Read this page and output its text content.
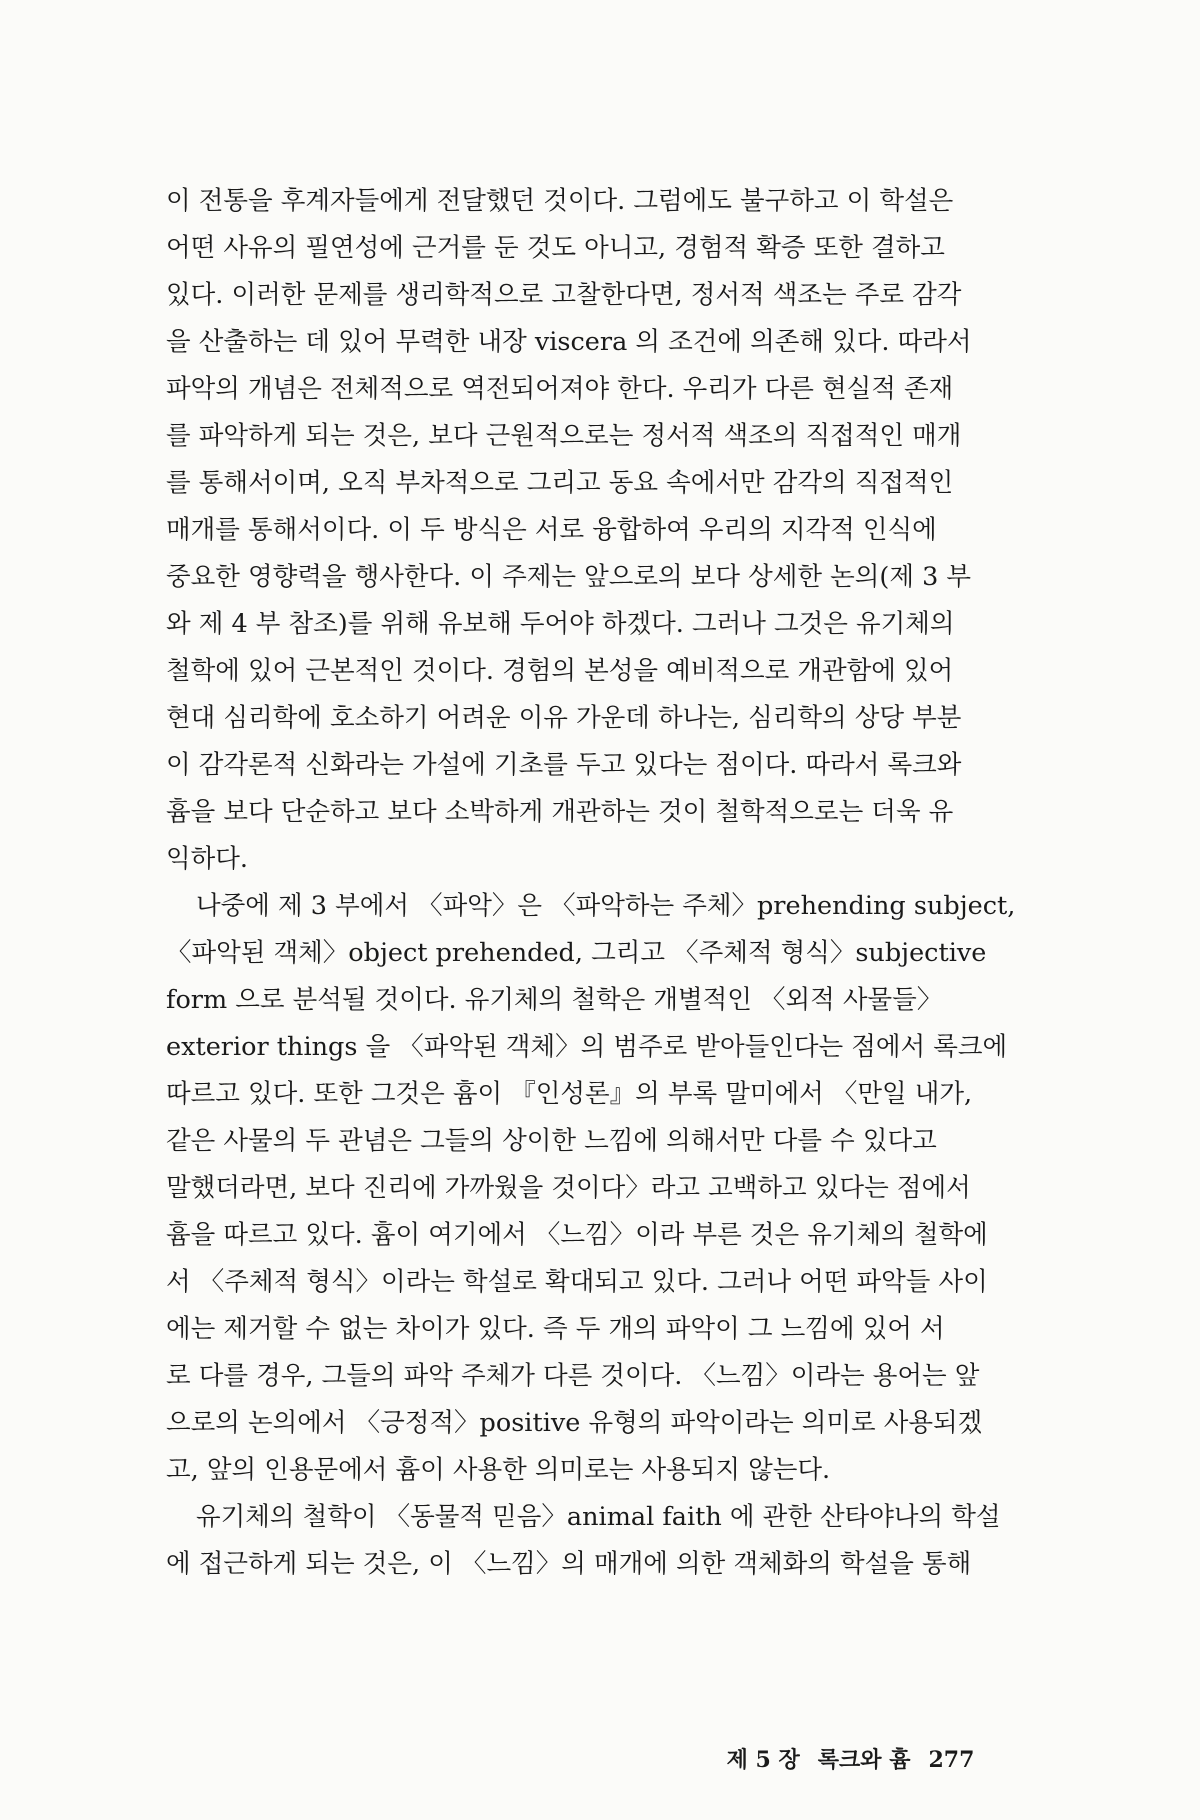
이 전통을 후계자들에게 전달했던 것이다. 그럼에도 불구하고 이 학설은
어떤 사유의 필연성에 근거를 둔 것도 아니고, 경험적 확증 또한 결하고
있다. 이러한 문제를 생리학적으로 고찰한다면, 정서적 색조는 주로 감각
을 산출하는 데 있어 무력한 내장 viscera 의 조건에 의존해 있다. 따라서
파악의 개념은 전체적으로 역전되어져야 한다. 우리가 다른 현실적 존재
를 파악하게 되는 것은, 보다 근원적으로는 정서적 색조의 직접적인 매개
를 통해서이며, 오직 부차적으로 그리고 동요 속에서만 감각의 직접적인
매개를 통해서이다. 이 두 방식은 서로 융합하여 우리의 지각적 인식에
중요한 영향력을 행사한다. 이 주제는 앞으로의 보다 상세한 논의(제 3 부
와 제 4 부 참조)를 위해 유보해 두어야 하겠다. 그러나 그것은 유기체의
철학에 있어 근본적인 것이다. 경험의 본성을 예비적으로 개관함에 있어
현대 심리학에 호소하기 어려운 이유 가운데 하나는, 심리학의 상당 부분
이 감각론적 신화라는 가설에 기초를 두고 있다는 점이다. 따라서 록크와
흄을 보다 단순하고 보다 소박하게 개관하는 것이 철학적으로는 더욱 유
익하다.
나중에 제 3 부에서 〈파악〉은 〈파악하는 주체〉prehending subject,
〈파악된 객체〉object prehended, 그리고 〈주체적 형식〉subjective
form 으로 분석될 것이다. 유기체의 철학은 개별적인 〈외적 사물들〉
exterior things 을 〈파악된 객체〉의 범주로 받아들인다는 점에서 록크에
따르고 있다. 또한 그것은 흄이 『인성론』의 부록 말미에서 〈만일 내가,
같은 사물의 두 관념은 그들의 상이한 느낌에 의해서만 다를 수 있다고
말했더라면, 보다 진리에 가까웠을 것이다〉라고 고백하고 있다는 점에서
흄을 따르고 있다. 흄이 여기에서 〈느낌〉이라 부른 것은 유기체의 철학에
서 〈주체적 형식〉이라는 학설로 확대되고 있다. 그러나 어떤 파악들 사이
에는 제거할 수 없는 차이가 있다. 즉 두 개의 파악이 그 느낌에 있어 서
로 다를 경우, 그들의 파악 주체가 다른 것이다. 〈느낌〉이라는 용어는 앞
으로의 논의에서 〈긍정적〉positive 유형의 파악이라는 의미로 사용되겠
고, 앞의 인용문에서 흄이 사용한 의미로는 사용되지 않는다.
유기체의 철학이 〈동물적 믿음〉animal faith 에 관한 산타야나의 학설
에 접근하게 되는 것은, 이 〈느낌〉의 매개에 의한 객체화의 학설을 통해

제 5 장 록크와 흄 277
